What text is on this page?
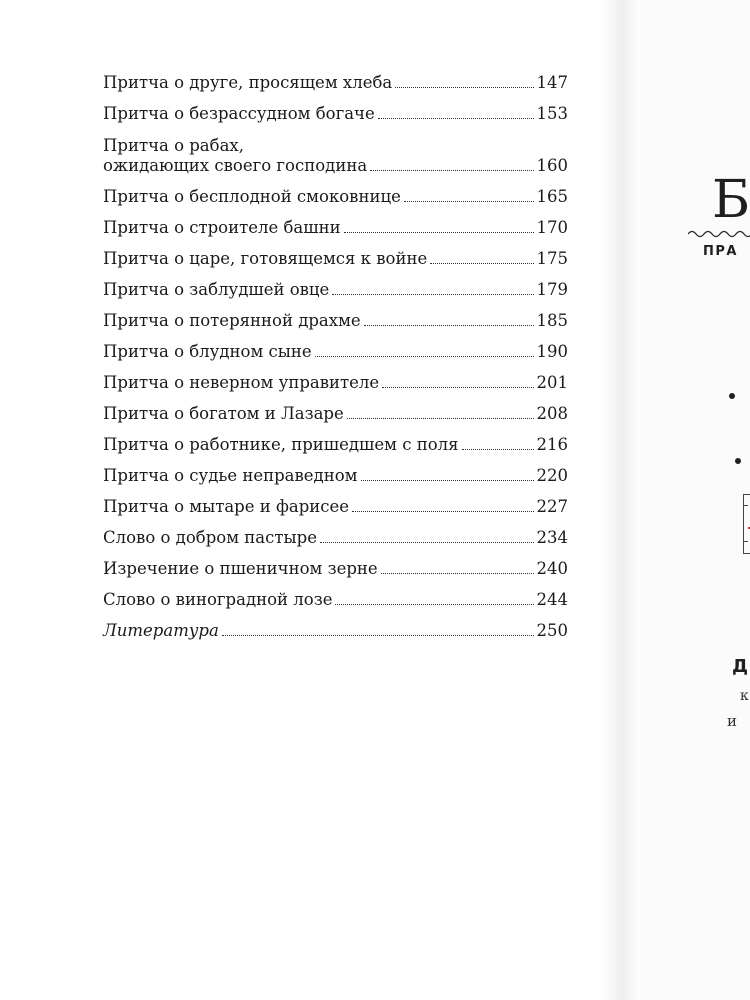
Притча о друге, просящем хлеба	147
Притча о безрассудном богаче	153
Притча о рабах,
ожидающих своего господина	160
Притча о бесплодной смоковнице	165
Притча о строителе башни	170
Притча о царе, готовящемся к войне	175
Притча о заблудшей овце	179
Притча о потерянной драхме	185
Притча о блудном сыне	190
Притча о неверном управителе	201
Притча о богатом и Лазаре	208
Притча о работнике, пришедшем с поля	216
Притча о судье неправедном	220
Притча о мытаре и фарисее	227
Слово о добром пастыре	234
Изречение о пшеничном зерне	240
Слово о виноградной лозе	244
Литература	250
Б
ПРА
Д
к
и
